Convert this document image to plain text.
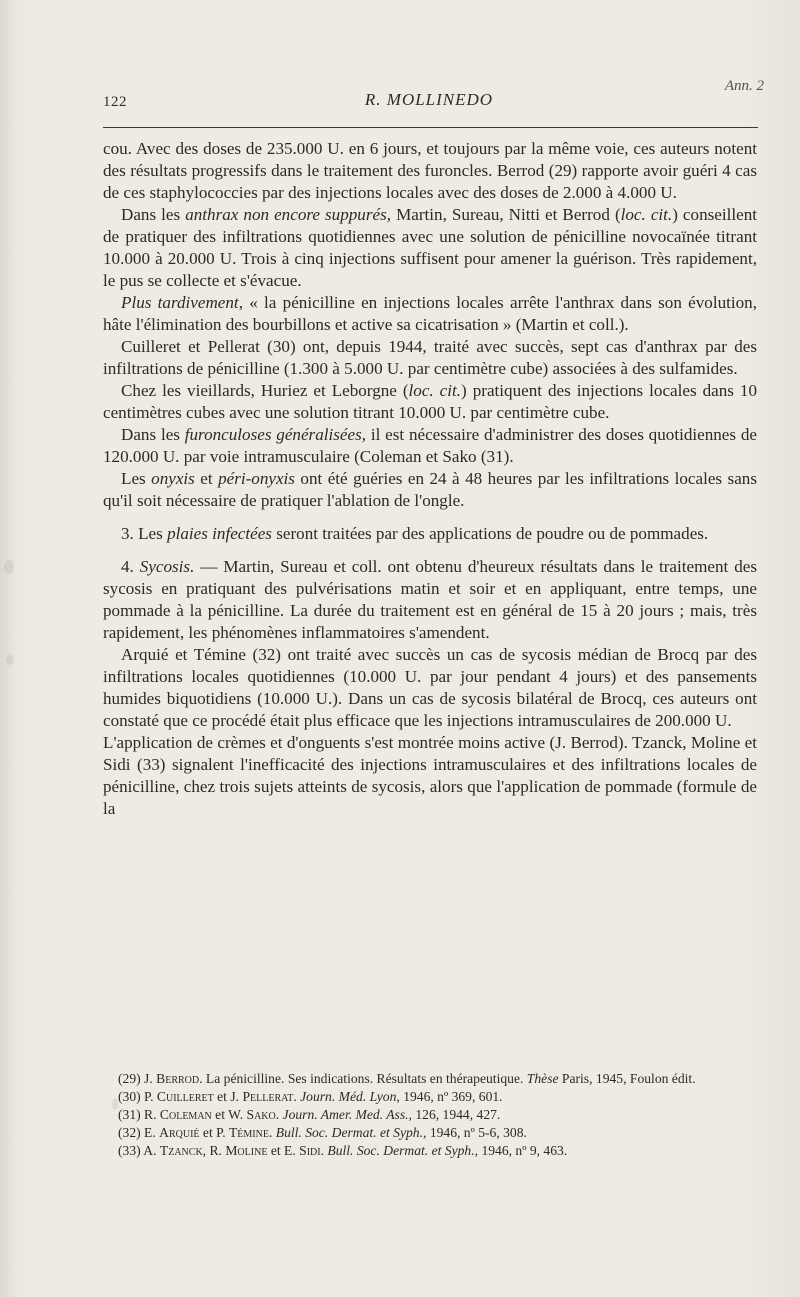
Ann. 2
122	R. MOLLINEDO

cou. Avec des doses de 235.000 U. en 6 jours, et toujours par la même voie, ces auteurs notent des résultats progressifs dans le traitement des furoncles. Berrod (29) rapporte avoir guéri 4 cas de ces staphylococcies par des injections locales avec des doses de 2.000 à 4.000 U.

Dans les anthrax non encore suppurés, Martin, Sureau, Nitti et Berrod (loc. cit.) conseillent de pratiquer des infiltrations quotidiennes avec une solution de pénicilline novocaïnée titrant 10.000 à 20.000 U. Trois à cinq injections suffisent pour amener la guérison. Très rapidement, le pus se collecte et s'évacue.

Plus tardivement, « la pénicilline en injections locales arrête l'anthrax dans son évolution, hâte l'élimination des bourbillons et active sa cicatrisation » (Martin et coll.).

Cuilleret et Pellerat (30) ont, depuis 1944, traité avec succès, sept cas d'anthrax par des infiltrations de pénicilline (1.300 à 5.000 U. par centimètre cube) associées à des sulfamides.

Chez les vieillards, Huriez et Leborgne (loc. cit.) pratiquent des injections locales dans 10 centimètres cubes avec une solution titrant 10.000 U. par centimètre cube.

Dans les furonculoses généralisées, il est nécessaire d'administrer des doses quotidiennes de 120.000 U. par voie intramusculaire (Coleman et Sako (31).

Les onyxis et péri-onyxis ont été guéries en 24 à 48 heures par les infiltrations locales sans qu'il soit nécessaire de pratiquer l'ablation de l'ongle.

3. Les plaies infectées seront traitées par des applications de poudre ou de pommades.

4. Sycosis. — Martin, Sureau et coll. ont obtenu d'heureux résultats dans le traitement des sycosis en pratiquant des pulvérisations matin et soir et en appliquant, entre temps, une pommade à la pénicilline. La durée du traitement est en général de 15 à 20 jours ; mais, très rapidement, les phénomènes inflammatoires s'amendent.

Arquié et Témine (32) ont traité avec succès un cas de sycosis médian de Brocq par des infiltrations locales quotidiennes (10.000 U. par jour pendant 4 jours) et des pansements humides biquotidiens (10.000 U.). Dans un cas de sycosis bilatéral de Brocq, ces auteurs ont constaté que ce procédé était plus efficace que les injections intramusculaires de 200.000 U.

L'application de crèmes et d'onguents s'est montrée moins active (J. Berrod). Tzanck, Moline et Sidi (33) signalent l'inefficacité des injections intramusculaires et des infiltrations locales de pénicilline, chez trois sujets atteints de sycosis, alors que l'application de pommade (formule de la

(29) J. Berrod. La pénicilline. Ses indications. Résultats en thérapeutique. Thèse Paris, 1945, Foulon édit.

(30) P. Cuilleret et J. Pellerat. Journ. Méd. Lyon, 1946, nº 369, 601.

(31) R. Coleman et W. Sako. Journ. Amer. Med. Ass., 126, 1944, 427.

(32) E. Arquié et P. Témine. Bull. Soc. Dermat. et Syph., 1946, nº 5-6, 308.

(33) A. Tzanck, R. Moline et E. Sidi. Bull. Soc. Dermat. et Syph., 1946, nº 9, 463.
